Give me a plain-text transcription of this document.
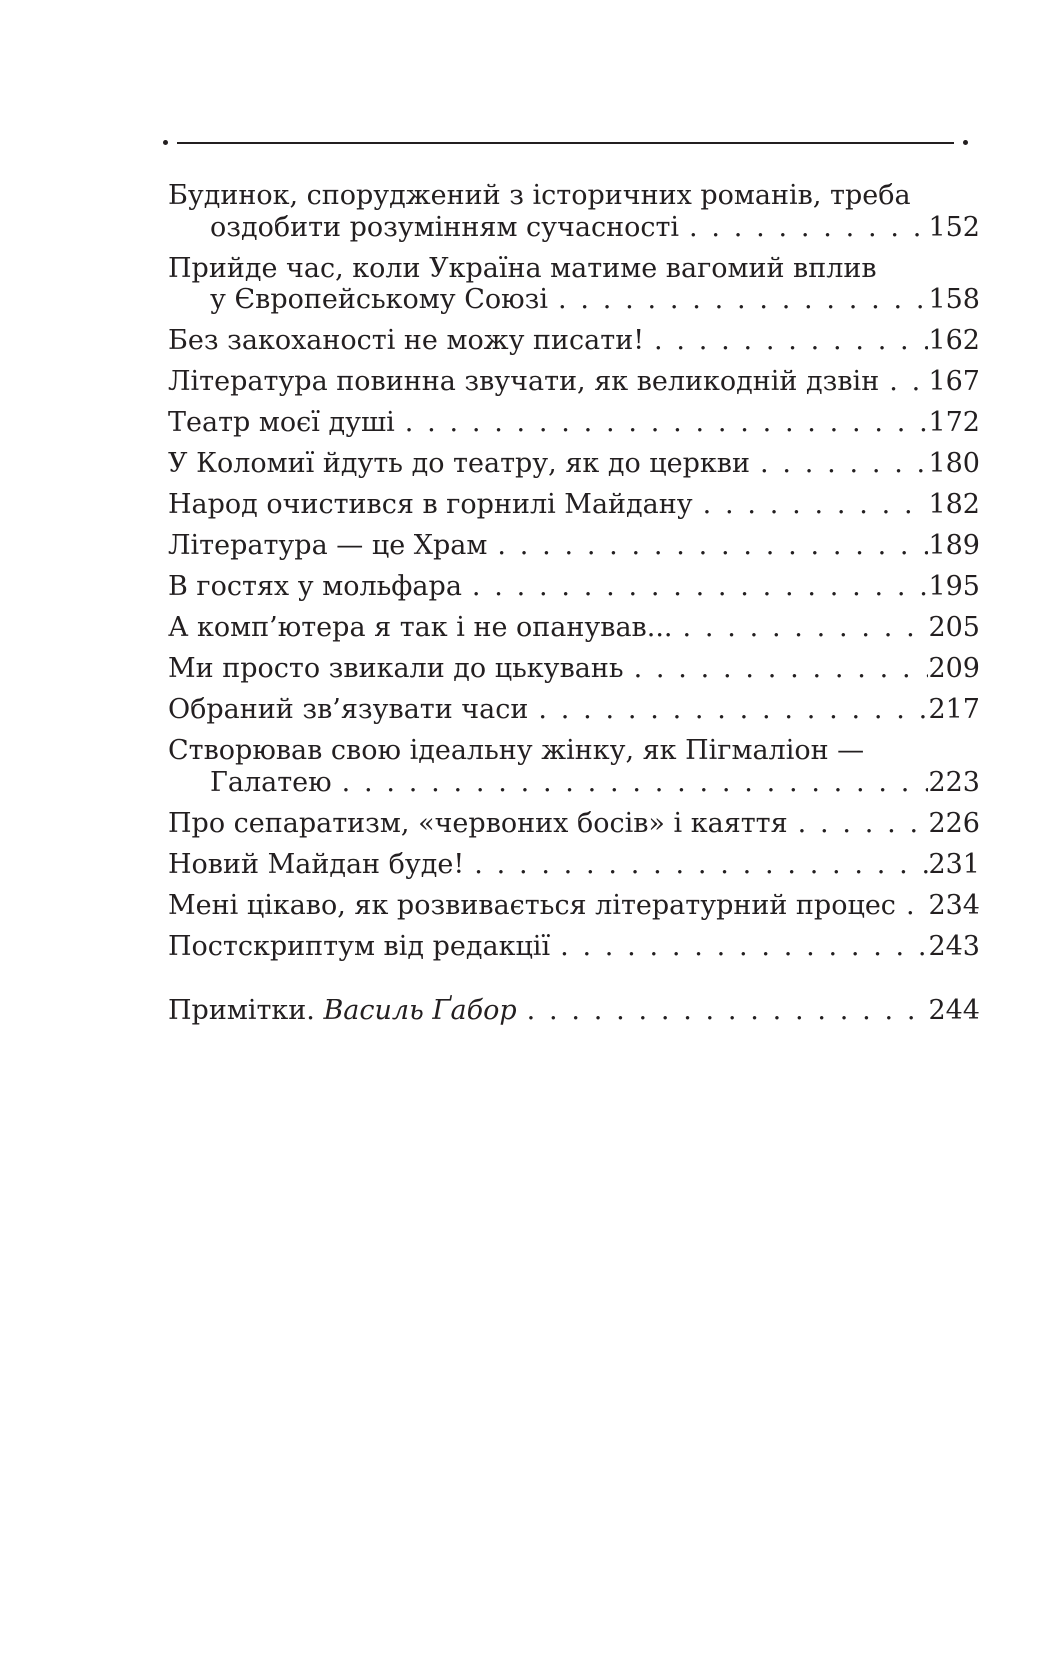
Будинок, споруджений з історичних романів, треба
оздобити розумінням сучасності . . .	152
Прийде час, коли Україна матиме вагомий вплив
у Європейському Союзі . . .	158
Без закоханості не можу писати! . . .	162
Література повинна звучати, як великодній дзвін . . . 167
Театр моєї душі . . .	172
У Коломиї йдуть до театру, як до церкви . . .	180
Народ очистився в горнилі Майдану . . .	182
Література — це Храм . . .	189
В гостях у мольфара . . .	195
А комп’ютера я так і не опанував... . . .	205
Ми просто звикали до цькувань . . .	209
Обраний зв’язувати часи . . .	217
Створював свою ідеальну жінку, як Пігмаліон —
Галатею . . .	223
Про сепаратизм, «червоних босів» і каяття . . .	226
Новий Майдан буде! . . .	231
Мені цікаво, як розвивається літературний процес . . . 234
Постскриптум від редакції . . .	243
Примітки. Василь Ґабор . . .	244
